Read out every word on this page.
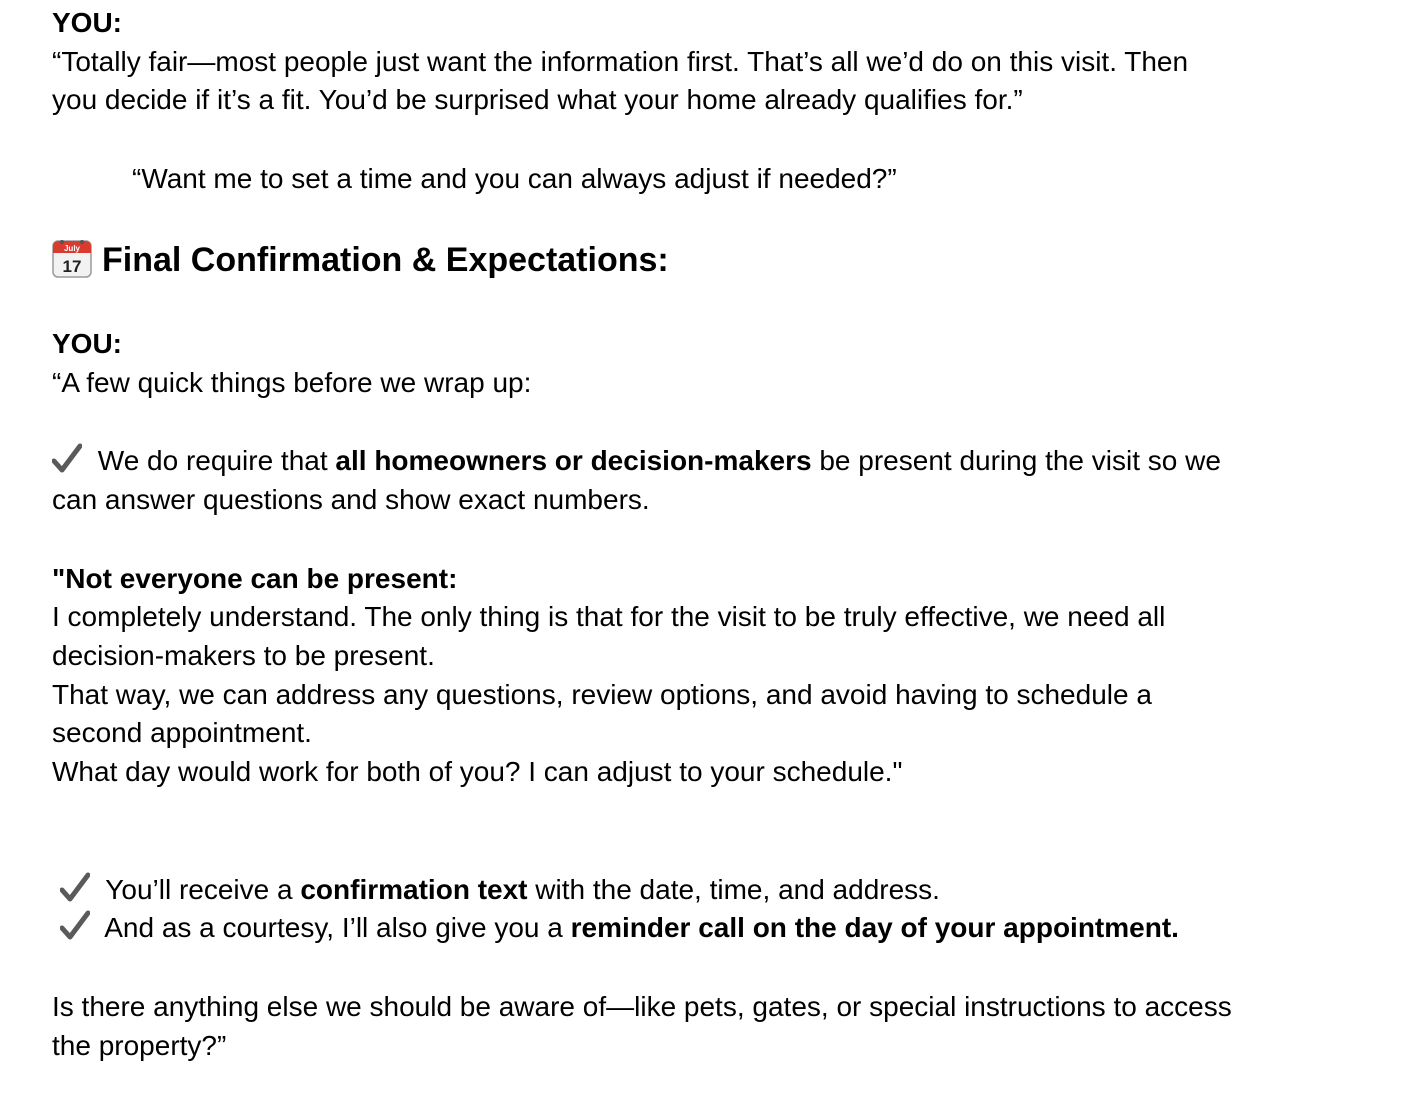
YOU:
“Totally fair—most people just want the information first. That’s all we’d do on this visit. Then
you decide if it’s a fit. You’d be surprised what your home already qualifies for.”
“Want me to set a time and you can always adjust if needed?”
July
17 Final Confirmation & Expectations:
YOU:
“A few quick things before we wrap up:
We do require that all homeowners or decision-makers be present during the visit so we
can answer questions and show exact numbers.
"Not everyone can be present:
I completely understand. The only thing is that for the visit to be truly effective, we need all
decision-makers to be present.
That way, we can address any questions, review options, and avoid having to schedule a
second appointment.
What day would work for both of you? I can adjust to your schedule."
You’ll receive a confirmation text with the date, time, and address.
And as a courtesy, I’ll also give you a reminder call on the day of your appointment.
Is there anything else we should be aware of—like pets, gates, or special instructions to access
the property?”
